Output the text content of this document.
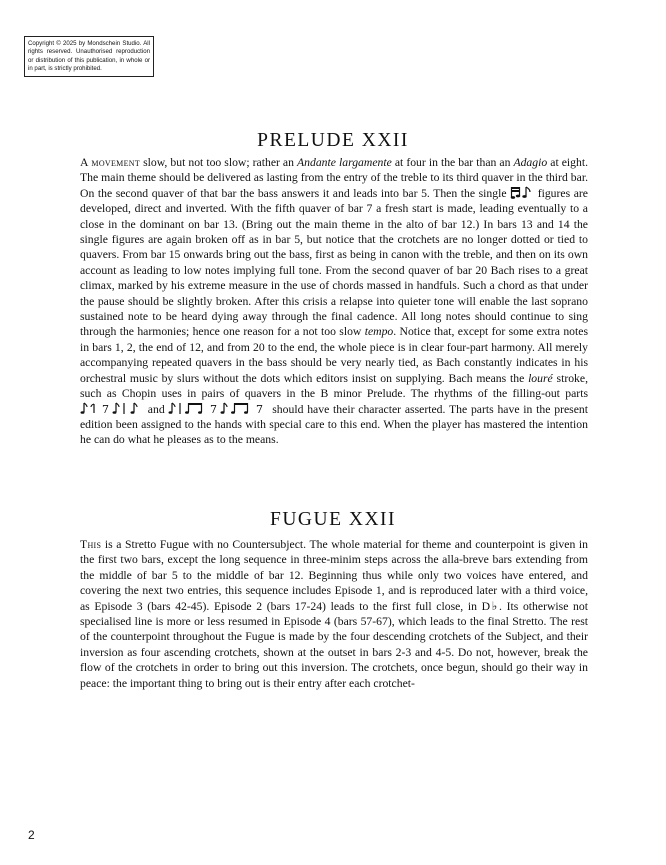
Copyright © 2025 by Mondschein Studio. All rights reserved. Unauthorised reproduction or distribution of this publication, in whole or in part, is strictly prohibited.
PRELUDE XXII

A movement slow, but not too slow; rather an Andante largamente at four in the bar than an Adagio at eight. The main theme should be delivered as lasting from the entry of the treble to its third quaver in the third bar. On the second quaver of that bar the bass answers it and leads into bar 5. Then the single  figures are developed, direct and inverted. With the fifth quaver of bar 7 a fresh start is made, leading eventually to a close in the dominant on bar 13. (Bring out the main theme in the alto of bar 12.) In bars 13 and 14 the single figures are again broken off as in bar 5, but notice that the crotchets are no longer dotted or tied to quavers. From bar 15 onwards bring out the bass, first as being in canon with the treble, and then on its own account as leading to low notes implying full tone. From the second quaver of bar 20 Bach rises to a great climax, marked by his extreme measure in the use of chords massed in handfuls. Such a chord as that under the pause should be slightly broken. After this crisis a relapse into quieter tone will enable the last soprano sustained note to be heard dying away through the final cadence. All long notes should continue to sing through the harmonies; hence one reason for a not too slow tempo. Notice that, except for some extra notes in bars 1, 2, the end of 12, and from 20 to the end, the whole piece is in clear four-part harmony. All merely accompanying repeated quavers in the bass should be very nearly tied, as Bach constantly indicates in his orchestral music by slurs without the dots which editors insist on supplying. Bach means the louré stroke, such as Chopin uses in pairs of quavers in the B minor Prelude. The rhythms of the filling-out parts
7	and	7	7 should have their character asserted. The parts have in the present edition been assigned to the hands with special care to this end. When the player has mastered the intention he can do what he pleases as to the means.

FUGUE XXII

This is a Stretto Fugue with no Countersubject. The whole material for theme and counterpoint is given in the first two bars, except the long sequence in three-minim steps across the alla-breve bars extending from the middle of bar 5 to the middle of bar 12. Beginning thus while only two voices have entered, and covering the next two entries, this sequence includes Episode 1, and is reproduced later with a third voice, as Episode 3 (bars 42-45). Episode 2 (bars 17-24) leads to the first full close, in D♭. Its otherwise not specialised line is more or less resumed in Episode 4 (bars 57-67), which leads to the final Stretto. The rest of the counterpoint throughout the Fugue is made by the four descending crotchets of the Subject, and their inversion as four ascending crotchets, shown at the outset in bars 2-3 and 4-5. Do not, however, break the flow of the crotchets in order to bring out this inversion. The crotchets, once begun, should go their way in peace: the important thing to bring out is their entry after each crotchet-

2
